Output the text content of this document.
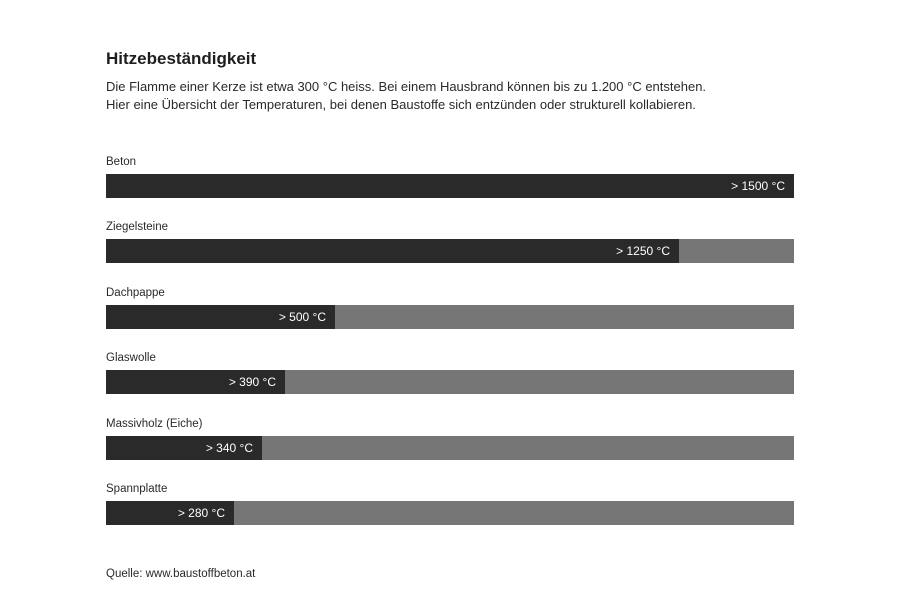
Hitzebeständigkeit
Die Flamme einer Kerze ist etwa 300 °C heiss. Bei einem Hausbrand können bis zu 1.200 °C entstehen.
Hier eine Übersicht der Temperaturen, bei denen Baustoffe sich entzünden oder strukturell kollabieren.
Beton
> 1500 °C
Ziegelsteine
> 1250 °C
Dachpappe
> 500 °C
Glaswolle
> 390 °C
Massivholz (Eiche)
> 340 °C
Spannplatte
> 280 °C
Quelle: www.baustoffbeton.at
